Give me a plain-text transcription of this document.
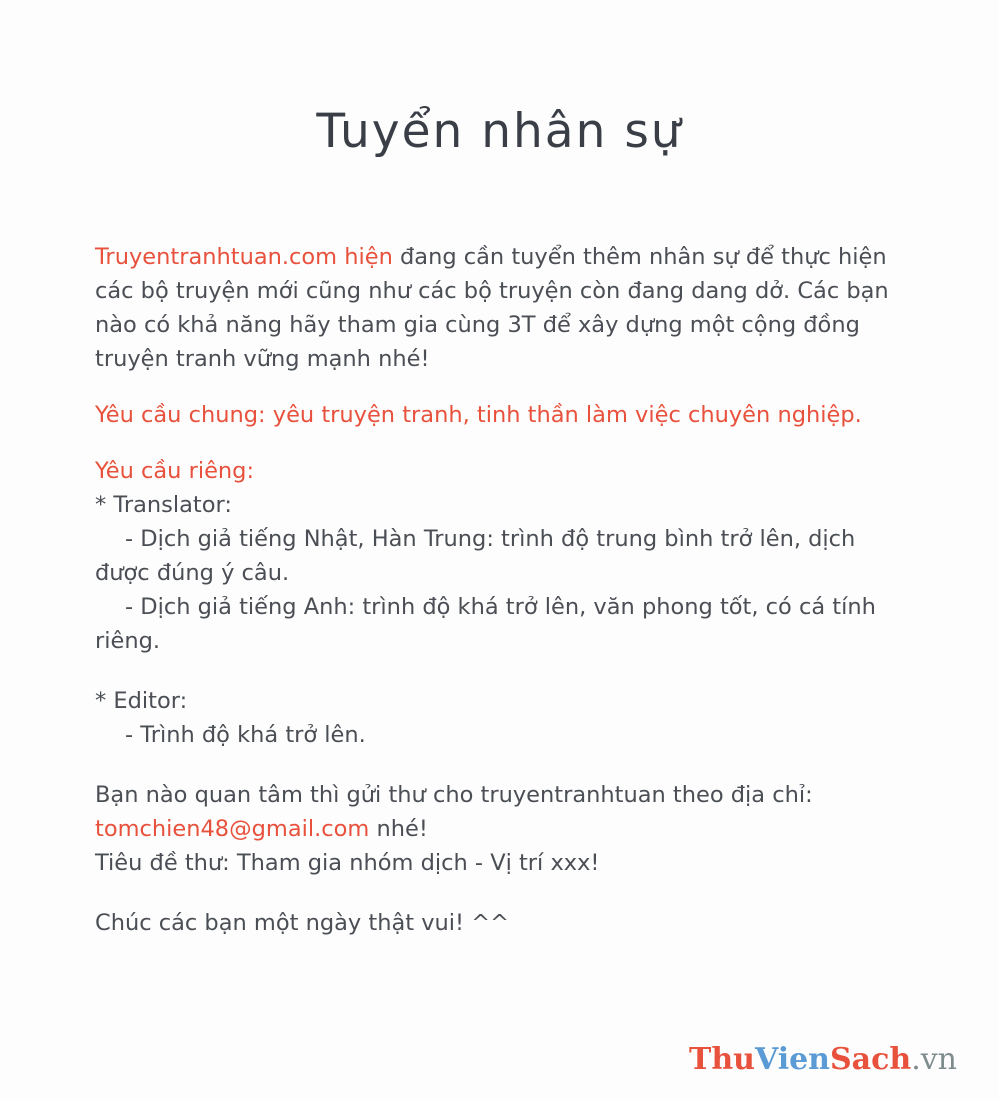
Tuyển nhân sự

Truyentranhtuan.com hiện đang cần tuyển thêm nhân sự để thực hiện các bộ truyện mới cũng như các bộ truyện còn đang dang dở. Các bạn nào có khả năng hãy tham gia cùng 3T để xây dựng một cộng đồng truyện tranh vững mạnh nhé!

Yêu cầu chung: yêu truyện tranh, tinh thần làm việc chuyên nghiệp.

Yêu cầu riêng:

* Translator:

- Dịch giả tiếng Nhật, Hàn Trung: trình độ trung bình trở lên, dịch được đúng ý câu.

- Dịch giả tiếng Anh: trình độ khá trở lên, văn phong tốt, có cá tính riêng.

* Editor:

- Trình độ khá trở lên.

Bạn nào quan tâm thì gửi thư cho truyentranhtuan theo địa chỉ:

tomchien48@gmail.com nhé!

Tiêu đề thư: Tham gia nhóm dịch - Vị trí xxx!

Chúc các bạn một ngày thật vui! ^^

ThuVienSach.vn
